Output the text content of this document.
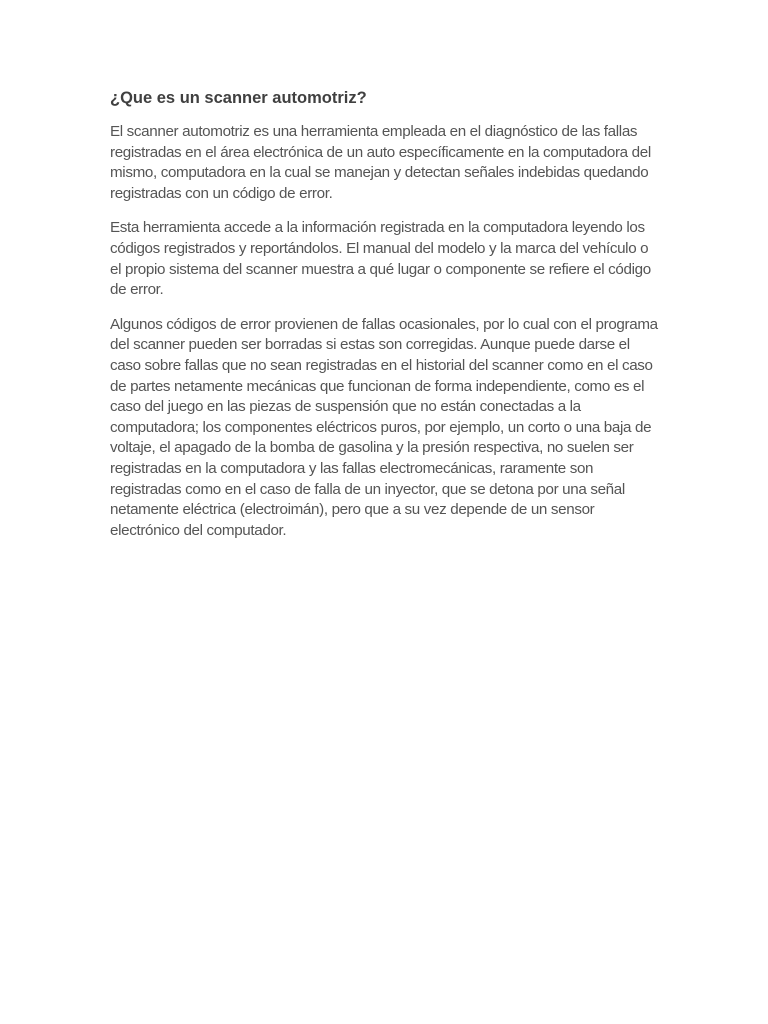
¿Que es un scanner automotriz?

El scanner automotriz es una herramienta empleada en el diagnóstico de las fallas registradas en el área electrónica de un auto específicamente en la computadora del mismo, computadora en la cual se manejan y detectan señales indebidas quedando registradas con un código de error.

Esta herramienta accede a la información registrada en la computadora leyendo los códigos registrados y reportándolos. El manual del modelo y la marca del vehículo o el propio sistema del scanner muestra a qué lugar o componente se refiere el código de error.

Algunos códigos de error provienen de fallas ocasionales, por lo cual con el programa del scanner pueden ser borradas si estas son corregidas. Aunque puede darse el caso sobre fallas que no sean registradas en el historial del scanner como en el caso de partes netamente mecánicas que funcionan de forma independiente, como es el caso del juego en las piezas de suspensión que no están conectadas a la computadora; los componentes eléctricos puros, por ejemplo, un corto o una baja de voltaje, el apagado de la bomba de gasolina y la presión respectiva, no suelen ser registradas en la computadora y las fallas electromecánicas, raramente son registradas como en el caso de falla de un inyector, que se detona por una señal netamente eléctrica (electroimán), pero que a su vez depende de un sensor electrónico del computador.
